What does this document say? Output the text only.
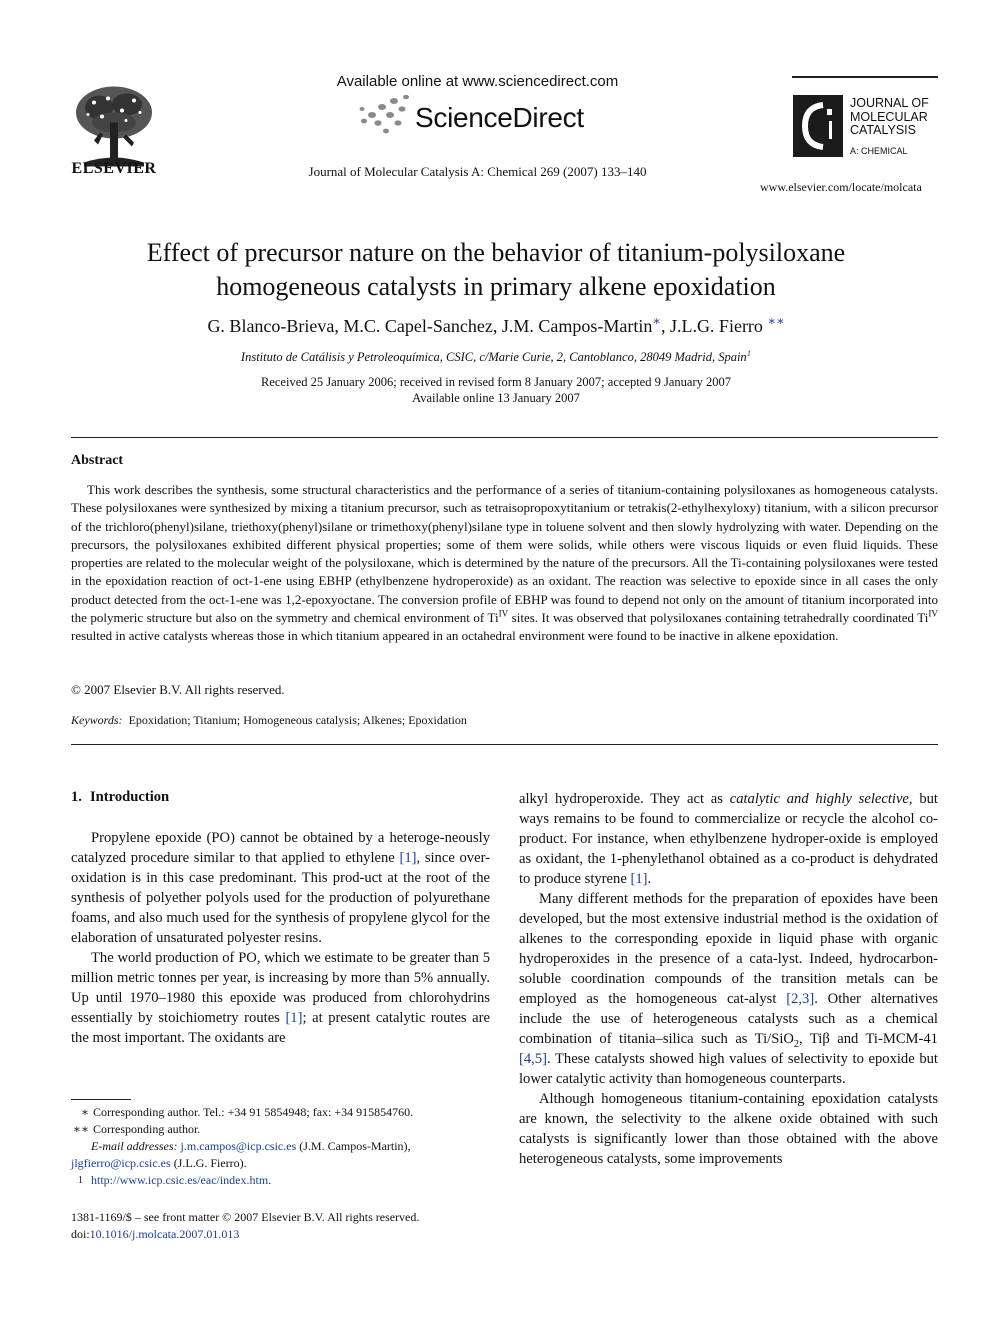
ELSEVIER
Available online at www.sciencedirect.com
ScienceDirect
Journal of Molecular Catalysis A: Chemical 269 (2007) 133–140
JOURNAL OF
MOLECULAR
CATALYSIS
A: CHEMICAL
www.elsevier.com/locate/molcata
Effect of precursor nature on the behavior of titanium-polysiloxane
homogeneous catalysts in primary alkene epoxidation
G. Blanco-Brieva, M.C. Capel-Sanchez, J.M. Campos-Martin∗, J.L.G. Fierro ∗∗
Instituto de Catálisis y Petroleoquímica, CSIC, c/Marie Curie, 2, Cantoblanco, 28049 Madrid, Spain$^1$
Received 25 January 2006; received in revised form 8 January 2007; accepted 9 January 2007
Available online 13 January 2007
Abstract
This work describes the synthesis, some structural characteristics and the performance of a series of titanium-containing polysiloxanes as homogeneous catalysts. These polysiloxanes were synthesized by mixing a titanium precursor, such as tetraisopropoxytitanium or tetrakis(2-ethylhexyloxy) titanium, with a silicon precursor of the trichloro(phenyl)silane, triethoxy(phenyl)silane or trimethoxy(phenyl)silane type in toluene solvent and then slowly hydrolyzing with water. Depending on the precursors, the polysiloxanes exhibited different physical properties; some of them were solids, while others were viscous liquids or even fluid liquids. These properties are related to the molecular weight of the polysiloxane, which is determined by the nature of the precursors. All the Ti-containing polysiloxanes were tested in the epoxidation reaction of oct-1-ene using EBHP (ethylbenzene hydroperoxide) as an oxidant. The reaction was selective to epoxide since in all cases the only product detected from the oct-1-ene was 1,2-epoxyoctane. The conversion profile of EBHP was found to depend not only on the amount of titanium incorporated into the polymeric structure but also on the symmetry and chemical environment of $Ti^{IV}$ sites. It was observed that polysiloxanes containing tetrahedrally coordinated $Ti^{IV}$ resulted in active catalysts whereas those in which titanium appeared in an octahedral environment were found to be inactive in alkene epoxidation.
© 2007 Elsevier B.V. All rights reserved.
Keywords: Epoxidation; Titanium; Homogeneous catalysis; Alkenes; Epoxidation
1. Introduction

Propylene epoxide (PO) cannot be obtained by a heteroge-neously catalyzed procedure similar to that applied to ethylene [1], since over-oxidation is in this case predominant. This prod-uct at the root of the synthesis of polyether polyols used for the production of polyurethane foams, and also much used for the synthesis of propylene glycol for the elaboration of unsaturated polyester resins.

The world production of PO, which we estimate to be greater than 5 million metric tonnes per year, is increasing by more than 5% annually. Up until 1970–1980 this epoxide was produced from chlorohydrins essentially by stoichiometry routes [1]; at present catalytic routes are the most important. The oxidants are

alkyl hydroperoxide. They act as catalytic and highly selective, but ways remains to be found to commercialize or recycle the alcohol co-product. For instance, when ethylbenzene hydroper-oxide is employed as oxidant, the 1-phenylethanol obtained as a co-product is dehydrated to produce styrene [1].

Many different methods for the preparation of epoxides have been developed, but the most extensive industrial method is the oxidation of alkenes to the corresponding epoxide in liquid phase with organic hydroperoxides in the presence of a cata-lyst. Indeed, hydrocarbon-soluble coordination compounds of the transition metals can be employed as the homogeneous cat-alyst [2,3]. Other alternatives include the use of heterogeneous catalysts such as a chemical combination of titania–silica such as Ti/SiO$_2$, Tiβ and Ti-MCM-41 [4,5]. These catalysts showed high values of selectivity to epoxide but lower catalytic activity than homogeneous counterparts.

Although homogeneous titanium-containing epoxidation catalysts are known, the selectivity to the alkene oxide obtained with such catalysts is significantly lower than those obtained with the above heterogeneous catalysts, some improvements

∗ Corresponding author. Tel.: +34 91 5854948; fax: +34 915854760.
∗∗ Corresponding author.
E-mail addresses: j.m.campos@icp.csic.es (J.M. Campos-Martin),
jlgfierro@icp.csic.es (J.L.G. Fierro).
1 http://www.icp.csic.es/eac/index.htm.
1381-1169/$ – see front matter © 2007 Elsevier B.V. All rights reserved.
doi:10.1016/j.molcata.2007.01.013
